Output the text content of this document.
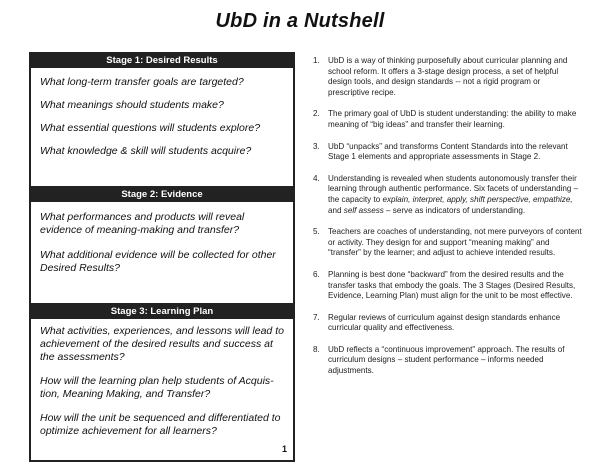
UbD in a Nutshell
Stage 1: Desired Results

What long-term transfer goals are targeted?

What meanings should students make?

What essential questions will students explore?

What knowledge & skill will students acquire?

Stage 2: Evidence

What performances and products will reveal evidence of meaning-making and transfer?

What additional evidence will be collected for other Desired Results?

Stage 3: Learning Plan

What activities, experiences, and lessons will lead to achievement of the desired results and success at the assessments?

How will the learning plan help students of Acquis-tion, Meaning Making, and Transfer?

How will the unit be sequenced and differentiated to optimize achievement for all learners?

1. UbD is a way of thinking purposefully about curricular planning and school reform. It offers a 3-stage design process, a set of helpful design tools, and design standards -- not a rigid program or prescriptive recipe.
2. The primary goal of UbD is student understanding: the ability to make meaning of “big ideas” and transfer their learning.
3. UbD “unpacks” and transforms Content Standards into the relevant Stage 1 elements and appropriate assessments in Stage 2.
4. Understanding is revealed when students autonomously transfer their learning through authentic performance. Six facets of understanding – the capacity to explain, interpret, apply, shift perspective, empathize, and self assess – serve as indicators of understanding.
5. Teachers are coaches of understanding, not mere purveyors of content or activity. They design for and support “meaning making” and “transfer” by the learner; and adjust to achieve intended results.
6. Planning is best done “backward” from the desired results and the transfer tasks that embody the goals. The 3 Stages (Desired Results, Evidence, Learning Plan) must align for the unit to be most effective.
7. Regular reviews of curriculum against design standards enhance curricular quality and effectiveness.
8. UbD reflects a “continuous improvement” approach. The results of curriculum designs – student performance – informs needed adjustments.
1
